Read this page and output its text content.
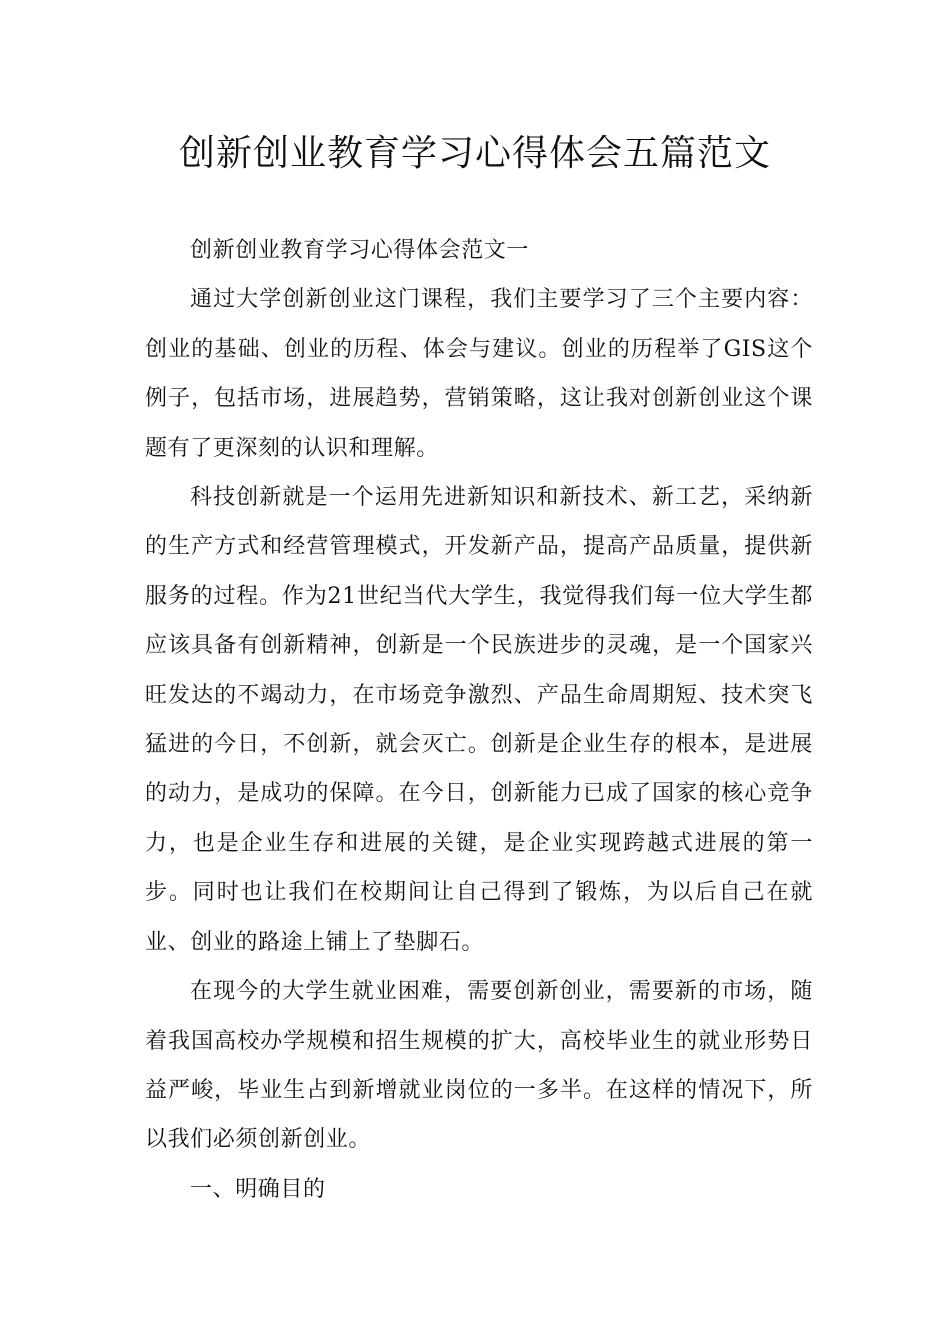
创新创业教育学习心得体会五篇范文

创新创业教育学习心得体会范文一

通过大学创新创业这门课程，我们主要学习了三个主要内容：创业的基础、创业的历程、体会与建议。创业的历程举了GIS这个例子，包括市场，进展趋势，营销策略，这让我对创新创业这个课题有了更深刻的认识和理解。

科技创新就是一个运用先进新知识和新技术、新工艺，采纳新的生产方式和经营管理模式，开发新产品，提高产品质量，提供新服务的过程。作为21世纪当代大学生，我觉得我们每一位大学生都应该具备有创新精神，创新是一个民族进步的灵魂，是一个国家兴旺发达的不竭动力，在市场竞争激烈、产品生命周期短、技术突飞猛进的今日，不创新，就会灭亡。创新是企业生存的根本，是进展的动力，是成功的保障。在今日，创新能力已成了国家的核心竞争力，也是企业生存和进展的关键，是企业实现跨越式进展的第一步。同时也让我们在校期间让自己得到了锻炼，为以后自己在就业、创业的路途上铺上了垫脚石。

在现今的大学生就业困难，需要创新创业，需要新的市场，随着我国高校办学规模和招生规模的扩大，高校毕业生的就业形势日益严峻，毕业生占到新增就业岗位的一多半。在这样的情况下，所以我们必须创新创业。

一、明确目的
